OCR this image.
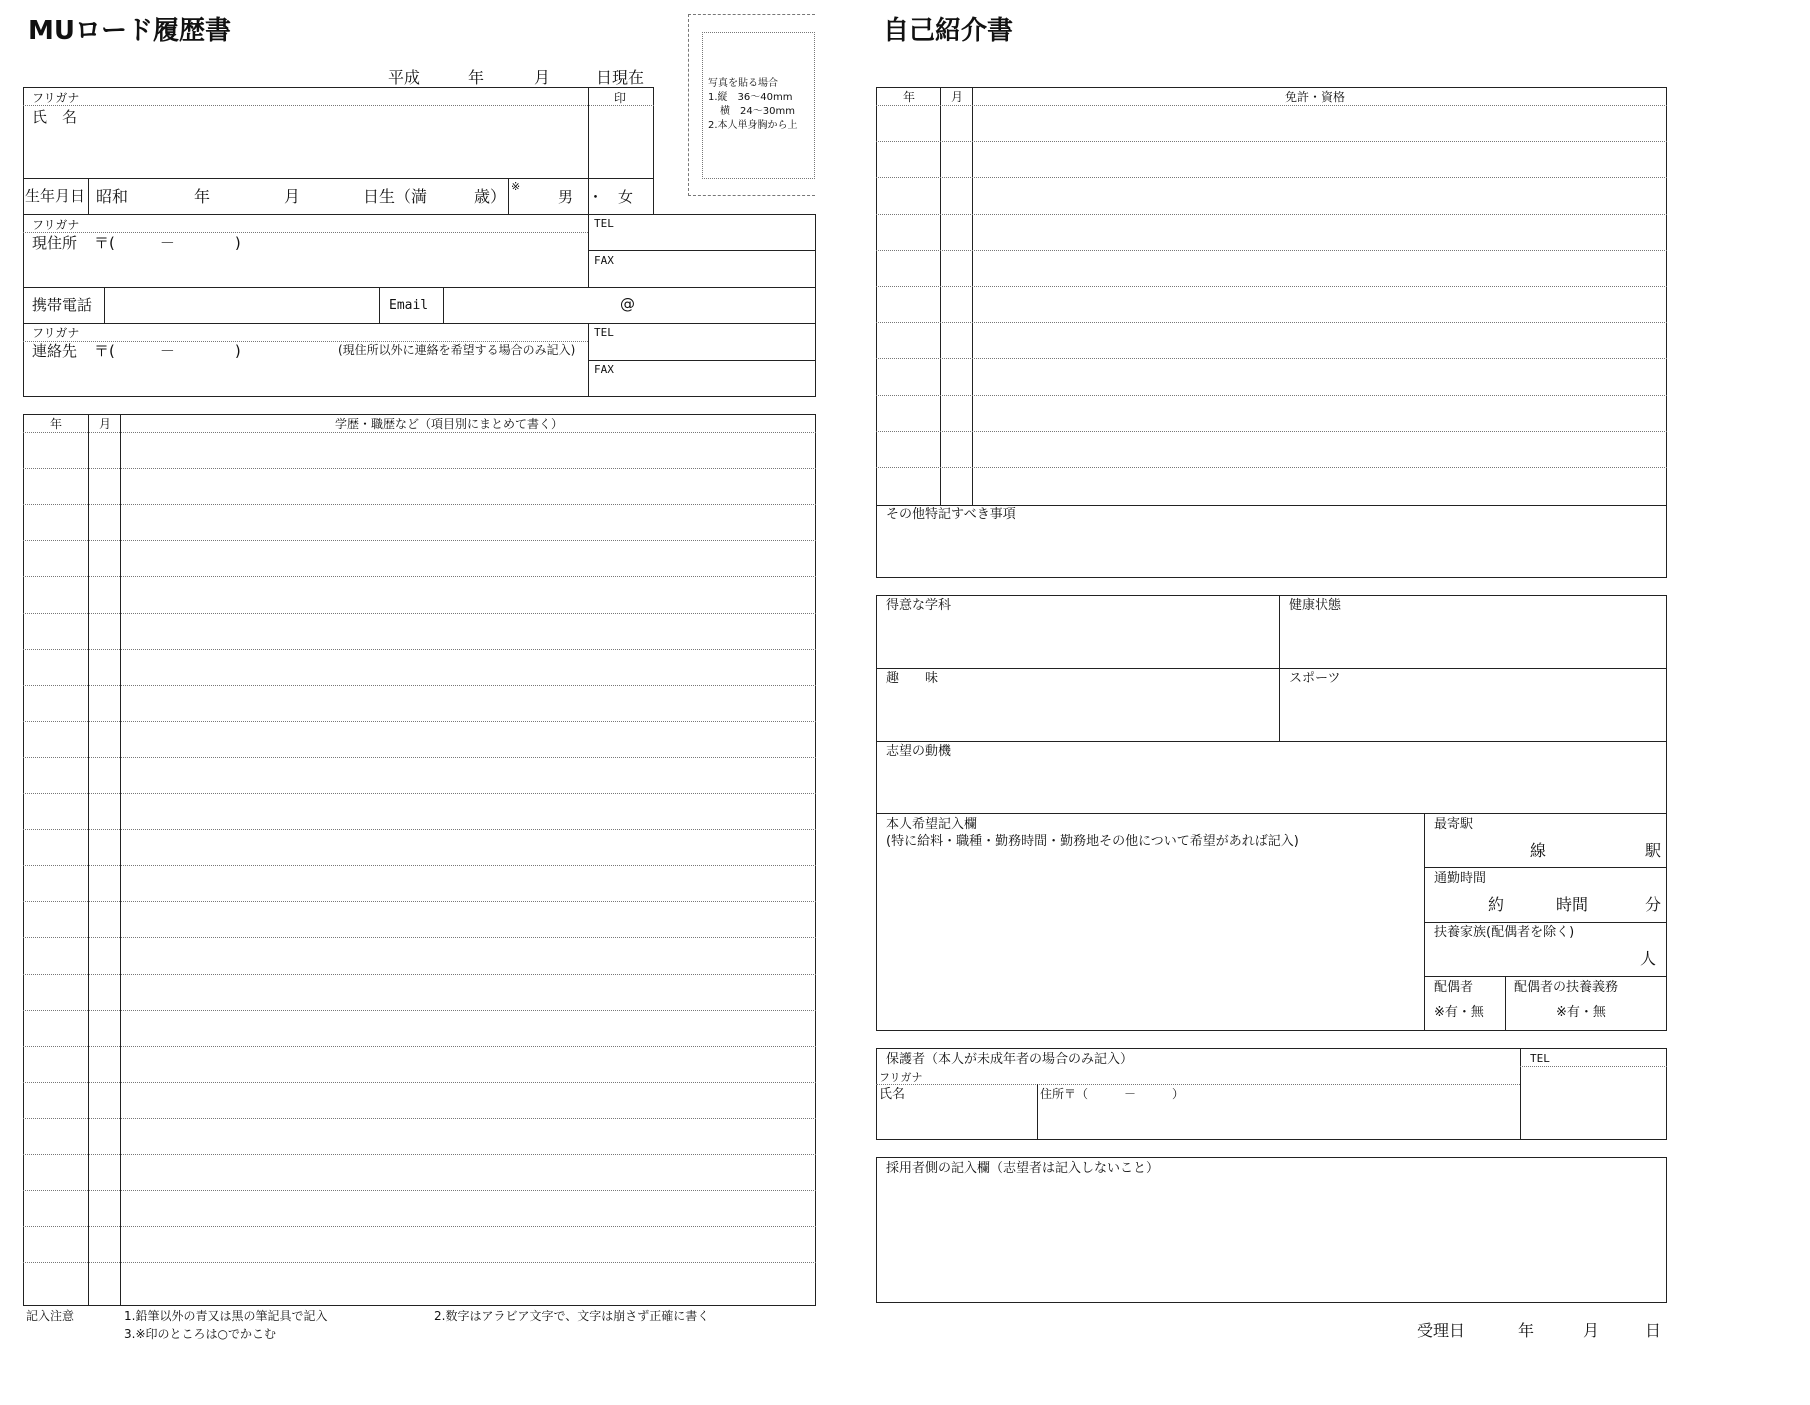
MUロード履歴書
平成	年	月	日現在	写真を貼る場合
1.縦　36～40mm
横　24～30mm
2.本人単身胸から上
フリガナ	印
氏　名
生年月日 昭和	年	月	日生（満	歳）
※
男　・　女
フリガナ
現住所 〒(　　　－　　　　)
TEL
FAX
携帯電話	Email	@
フリガナ
連絡先 〒(　　　－　　　　)	(現住所以外に連絡を希望する場合のみ記入)
TEL
FAX
年	月	学歴・職歴など（項目別にまとめて書く）
記入注意	1.鉛筆以外の青又は黒の筆記具で記入	2.数字はアラビア文字で、文字は崩さず正確に書く
3.※印のところは○でかこむ
自己紹介書
年	月	免許・資格
その他特記すべき事項
得意な学科	健康状態
趣　　味	スポーツ
志望の動機
本人希望記入欄
(特に給料・職種・勤務時間・勤務地その他について希望があれば記入)
最寄駅
線	駅
通勤時間
約	時間	分
扶養家族(配偶者を除く)
人
配偶者
※有・無
配偶者の扶養義務
※有・無
保護者（本人が未成年者の場合のみ記入）
フリガナ
氏名	住所〒（　　　－　　　）
TEL
採用者側の記入欄（志望者は記入しないこと）
受理日	年	月	日
